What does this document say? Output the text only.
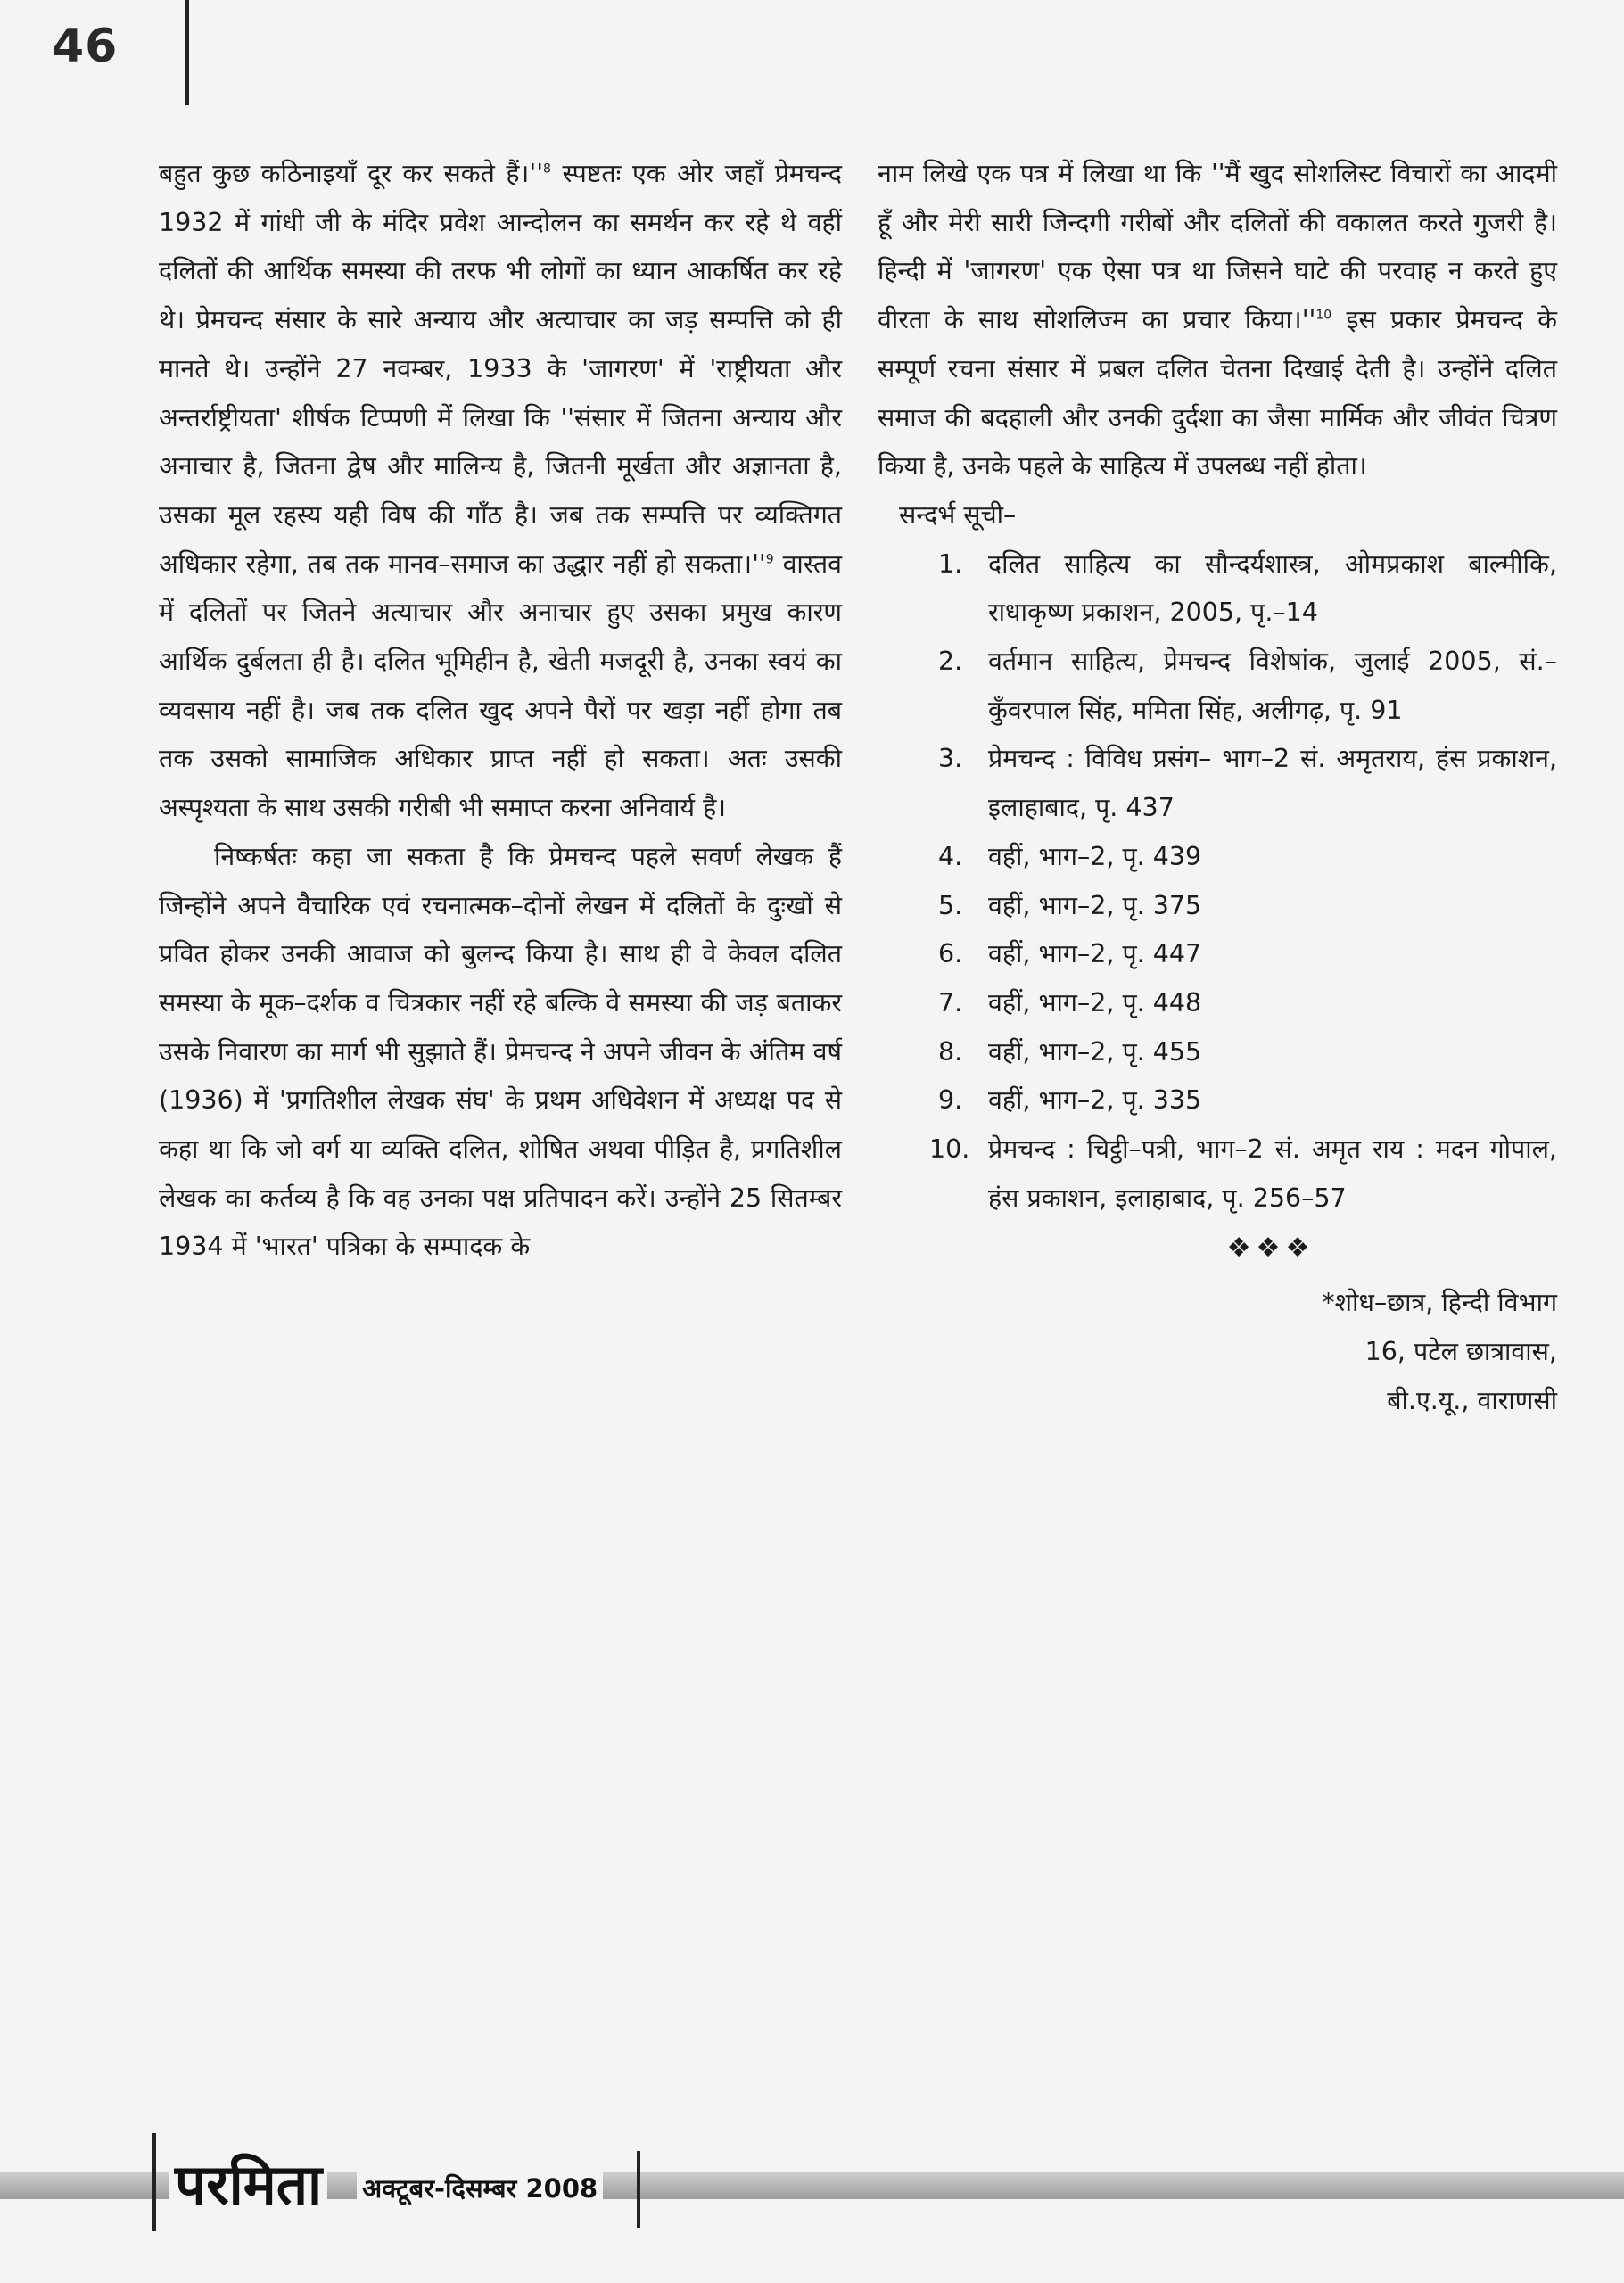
46

बहुत कुछ कठिनाइयाँ दूर कर सकते $हैं।''^8$ स्पष्टतः एक ओर जहाँ प्रेमचन्द 1932 में गांधी जी के मंदिर प्रवेश आन्दोलन का समर्थन कर रहे थे वहीं दलितों की आर्थिक समस्या की तरफ भी लोगों का ध्यान आकर्षित कर रहे थे। प्रेमचन्द संसार के सारे अन्याय और अत्याचार का जड़ सम्पत्ति को ही मानते थे। उन्होंने 27 नवम्बर, 1933 के 'जागरण' में 'राष्ट्रीयता और अन्तर्राष्ट्रीयता' शीर्षक टिप्पणी में लिखा कि ''संसार में जितना अन्याय और अनाचार है, जितना द्वेष और मालिन्य है, जितनी मूर्खता और अज्ञानता है, उसका मूल रहस्य यही विष की गाँठ है। जब तक सम्पत्ति पर व्यक्तिगत अधिकार रहेगा, तब तक मानव–समाज का उद्धार नहीं हो $सकता।''^9$ वास्तव में दलितों पर जितने अत्याचार और अनाचार हुए उसका प्रमुख कारण आर्थिक दुर्बलता ही है। दलित भूमिहीन है, खेती मजदूरी है, उनका स्वयं का व्यवसाय नहीं है। जब तक दलित खुद अपने पैरों पर खड़ा नहीं होगा तब तक उसको सामाजिक अधिकार प्राप्त नहीं हो सकता। अतः उसकी अस्पृश्यता के साथ उसकी गरीबी भी समाप्त करना अनिवार्य है।

निष्कर्षतः कहा जा सकता है कि प्रेमचन्द पहले सवर्ण लेखक हैं जिन्होंने अपने वैचारिक एवं रचनात्मक–दोनों लेखन में दलितों के दुःखों से प्रवित होकर उनकी आवाज को बुलन्द किया है। साथ ही वे केवल दलित समस्या के मूक–दर्शक व चित्रकार नहीं रहे बल्कि वे समस्या की जड़ बताकर उसके निवारण का मार्ग भी सुझाते हैं। प्रेमचन्द ने अपने जीवन के अंतिम वर्ष (1936) में 'प्रगतिशील लेखक संघ' के प्रथम अधिवेशन में अध्यक्ष पद से कहा था कि जो वर्ग या व्यक्ति दलित, शोषित अथवा पीड़ित है, प्रगतिशील लेखक का कर्तव्य है कि वह उनका पक्ष प्रतिपादन करें। उन्होंने 25 सितम्बर 1934 में 'भारत' पत्रिका के सम्पादक के

नाम लिखे एक पत्र में लिखा था कि ''मैं खुद सोशलिस्ट विचारों का आदमी हूँ और मेरी सारी जिन्दगी गरीबों और दलितों की वकालत करते गुजरी है। हिन्दी में 'जागरण' एक ऐसा पत्र था जिसने घाटे की परवाह न करते हुए वीरता के साथ सोशलिज्म का प्रचार $किया।''^{10}$ इस प्रकार प्रेमचन्द के सम्पूर्ण रचना संसार में प्रबल दलित चेतना दिखाई देती है। उन्होंने दलित समाज की बदहाली और उनकी दुर्दशा का जैसा मार्मिक और जीवंत चित्रण किया है, उनके पहले के साहित्य में उपलब्ध नहीं होता।

सन्दर्भ सूची–

1.	दलित साहित्य का सौन्दर्यशास्त्र, ओमप्रकाश बाल्मीकि, राधाकृष्ण प्रकाशन, 2005, पृ.–14
2.	वर्तमान साहित्य, प्रेमचन्द विशेषांक, जुलाई 2005, सं.–कुँवरपाल सिंह, ममिता सिंह, अलीगढ़, पृ. 91
3.	प्रेमचन्द : विविध प्रसंग– भाग–2 सं. अमृतराय, हंस प्रकाशन, इलाहाबाद, पृ. 437
4.	वहीं, भाग–2, पृ. 439
5.	वहीं, भाग–2, पृ. 375
6.	वहीं, भाग–2, पृ. 447
7.	वहीं, भाग–2, पृ. 448
8.	वहीं, भाग–2, पृ. 455
9.	वहीं, भाग–2, पृ. 335
10. प्रेमचन्द : चिट्ठी–पत्री, भाग–2 सं. अमृत राय : मदन गोपाल, हंस प्रकाशन, इलाहाबाद, पृ. 256–57
❖❖❖
*शोध–छात्र, हिन्दी विभाग
16, पटेल छात्रावास,
बी.ए.यू., वाराणसी
परमिता अक्टूबर-दिसम्बर 2008
